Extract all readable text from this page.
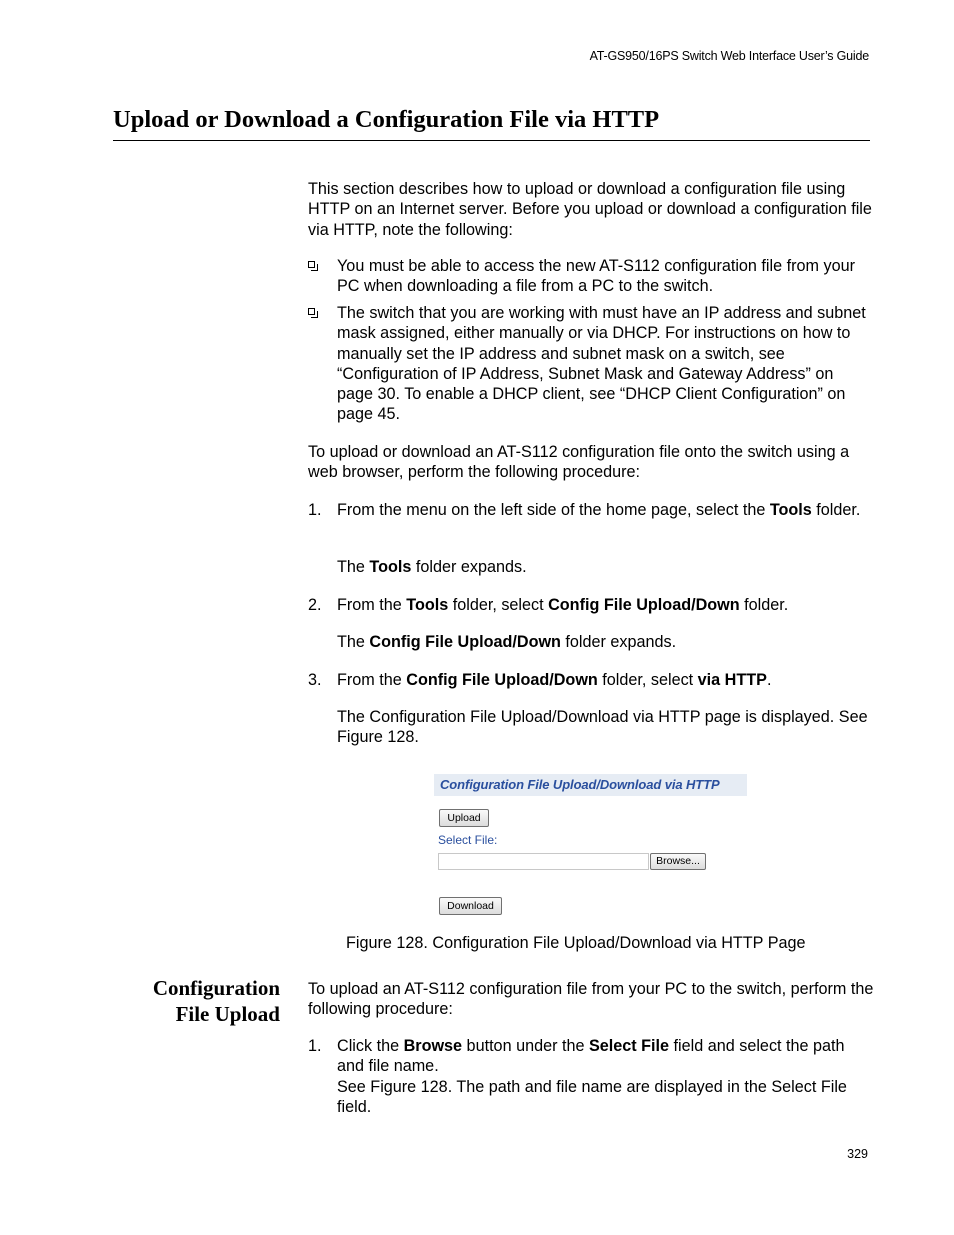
AT-GS950/16PS Switch Web Interface User’s Guide
Upload or Download a Configuration File via HTTP
This section describes how to upload or download a configuration file using HTTP on an Internet server. Before you upload or download a configuration file via HTTP, note the following:
You must be able to access the new AT-S112 configuration file from your PC when downloading a file from a PC to the switch.
The switch that you are working with must have an IP address and subnet mask assigned, either manually or via DHCP. For instructions on how to manually set the IP address and subnet mask on a switch, see “Configuration of IP Address, Subnet Mask and Gateway Address” on page 30. To enable a DHCP client, see “DHCP Client Configuration” on page 45.
To upload or download an AT-S112 configuration file onto the switch using a web browser, perform the following procedure:
1. From the menu on the left side of the home page, select the Tools folder.
The Tools folder expands.
2. From the Tools folder, select Config File Upload/Down folder.
The Config File Upload/Down folder expands.
3. From the Config File Upload/Down folder, select via HTTP.
The Configuration File Upload/Download via HTTP page is displayed. See Figure 128.
Configuration File Upload/Download via HTTP
Upload
Select File:
Browse...
Download
Figure 128. Configuration File Upload/Download via HTTP Page
Configuration
File Upload
To upload an AT-S112 configuration file from your PC to the switch, perform the following procedure:
1. Click the Browse button under the Select File field and select the path and file name.
See Figure 128. The path and file name are displayed in the Select File field.
329
